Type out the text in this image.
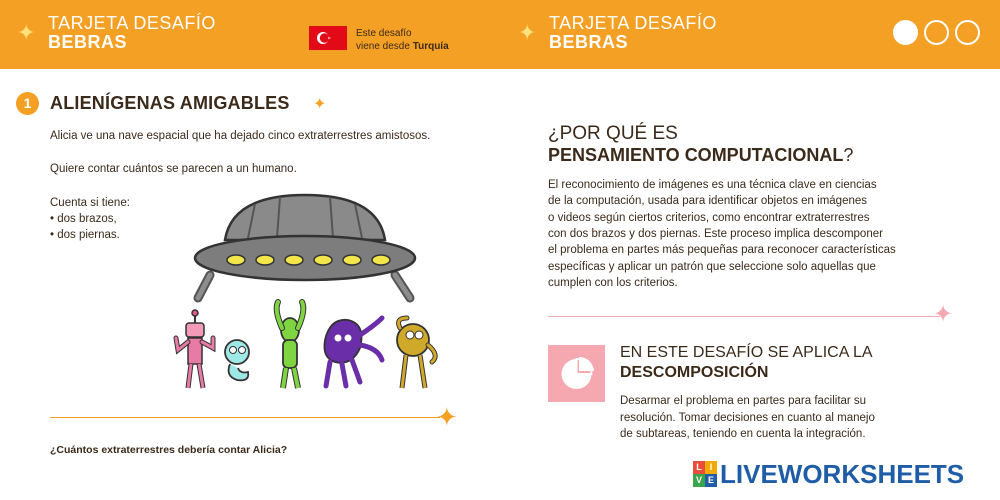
✦ TARJETA DESAFÍO
BEBRAS	Este desafío
viene desde Turquía
✦ TARJETA DESAFÍO
BEBRAS
1	ALIENÍGENAS AMIGABLES ✦
Alicia ve una nave espacial que ha dejado cinco extraterrestres amistosos.
Quiere contar cuántos se parecen a un humano.
Cuenta si tiene:
• dos brazos,
• dos piernas.
✦
¿Cuántos extraterrestres debería contar Alicia?
¿POR QUÉ ES
PENSAMIENTO COMPUTACIONAL?
El reconocimiento de imágenes es una técnica clave en ciencias
de la computación, usada para identificar objetos en imágenes
o videos según ciertos criterios, como encontrar extraterrestres
con dos brazos y dos piernas. Este proceso implica descomponer
el problema en partes más pequeñas para reconocer características
específicas y aplicar un patrón que seleccione solo aquellas que
cumplen con los criterios.
✦
EN ESTE DESAFÍO SE APLICA LA
DESCOMPOSICIÓN
Desarmar el problema en partes para facilitar su
resolución. Tomar decisiones en cuanto al manejo
de subtareas, teniendo en cuenta la integración.
L I
V E LIVEWORKSHEETS
